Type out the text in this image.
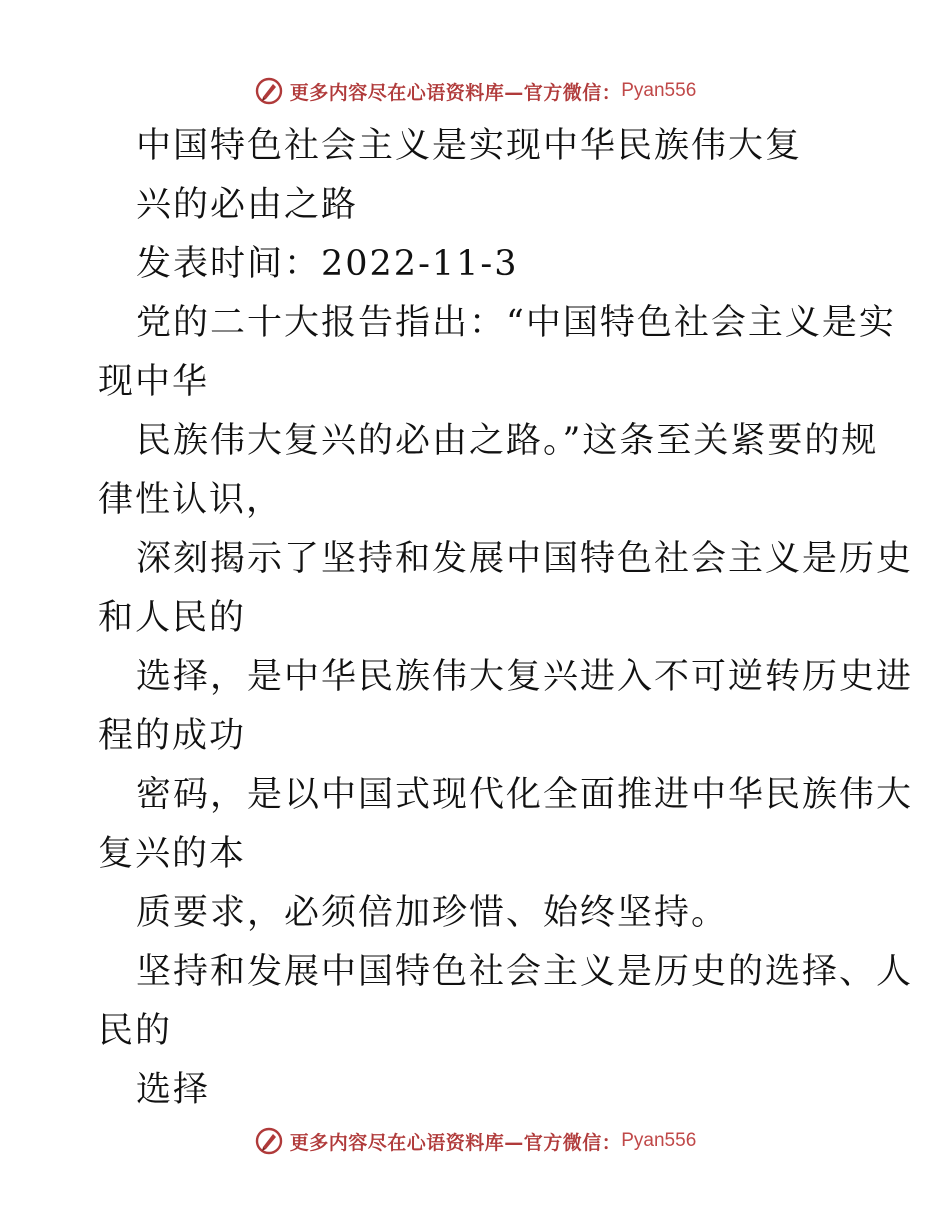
更多内容尽在心语资料库—官方微信： Pyan556
中国特色社会主义是实现中华民族伟大复
兴的必由之路
发表时间：2022-11-3
党的二十大报告指出：“中国特色社会主义是实
现中华
民族伟大复兴的必由之路。”这条至关紧要的规
律性认识，
深刻揭示了坚持和发展中国特色社会主义是历史
和人民的
选择，是中华民族伟大复兴进入不可逆转历史进
程的成功
密码，是以中国式现代化全面推进中华民族伟大
复兴的本
质要求，必须倍加珍惜、始终坚持。
坚持和发展中国特色社会主义是历史的选择、人
民的
选择
更多内容尽在心语资料库—官方微信： Pyan556
